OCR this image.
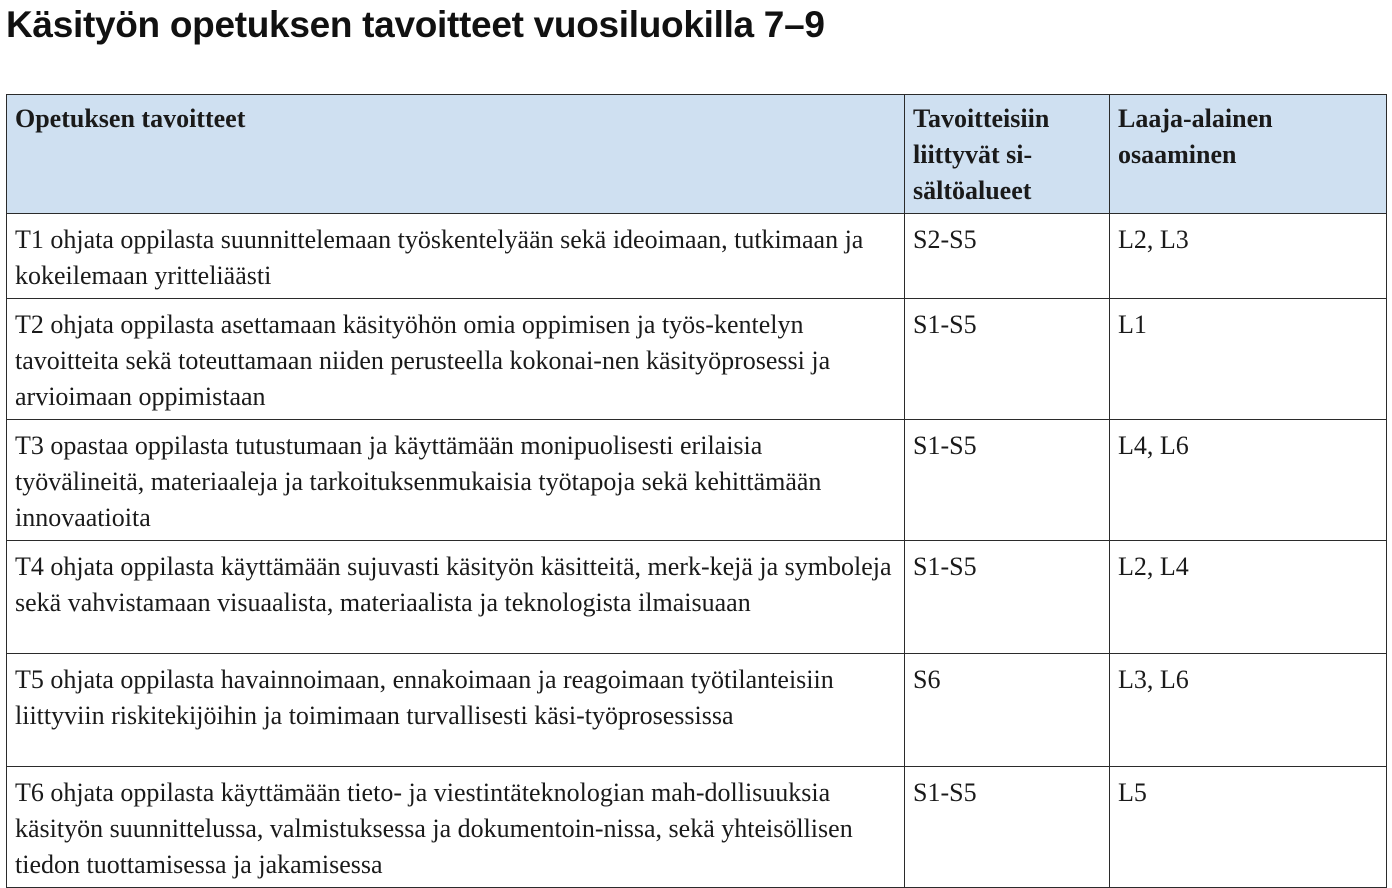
Käsityön opetuksen tavoitteet vuosiluokilla 7–9
Opetuksen tavoitteet	Tavoitteisiin liittyvät si-sältöalueet	Laaja-alainen osaaminen

T1 ohjata oppilasta suunnittelemaan työskentelyään sekä ideoimaan, tutkimaan ja kokeilemaan yritteliäästi	S2-S5	L2, L3

T2 ohjata oppilasta asettamaan käsityöhön omia oppimisen ja työs-kentelyn tavoitteita sekä toteuttamaan niiden perusteella kokonai-nen käsityöprosessi ja arvioimaan oppimistaan	S1-S5	L1

T3 opastaa oppilasta tutustumaan ja käyttämään monipuolisesti erilaisia työvälineitä, materiaaleja ja tarkoituksenmukaisia työtapoja sekä kehittämään innovaatioita	S1-S5	L4, L6

T4 ohjata oppilasta käyttämään sujuvasti käsityön käsitteitä, merk-kejä ja symboleja sekä vahvistamaan visuaalista, materiaalista ja teknologista ilmaisuaan	S1-S5	L2, L4

T5 ohjata oppilasta havainnoimaan, ennakoimaan ja reagoimaan työtilanteisiin liittyviin riskitekijöihin ja toimimaan turvallisesti käsi-työprosessissa	S6	L3, L6

T6 ohjata oppilasta käyttämään tieto- ja viestintäteknologian mah-dollisuuksia käsityön suunnittelussa, valmistuksessa ja dokumentoin-nissa, sekä yhteisöllisen tiedon tuottamisessa ja jakamisessa	S1-S5	L5
